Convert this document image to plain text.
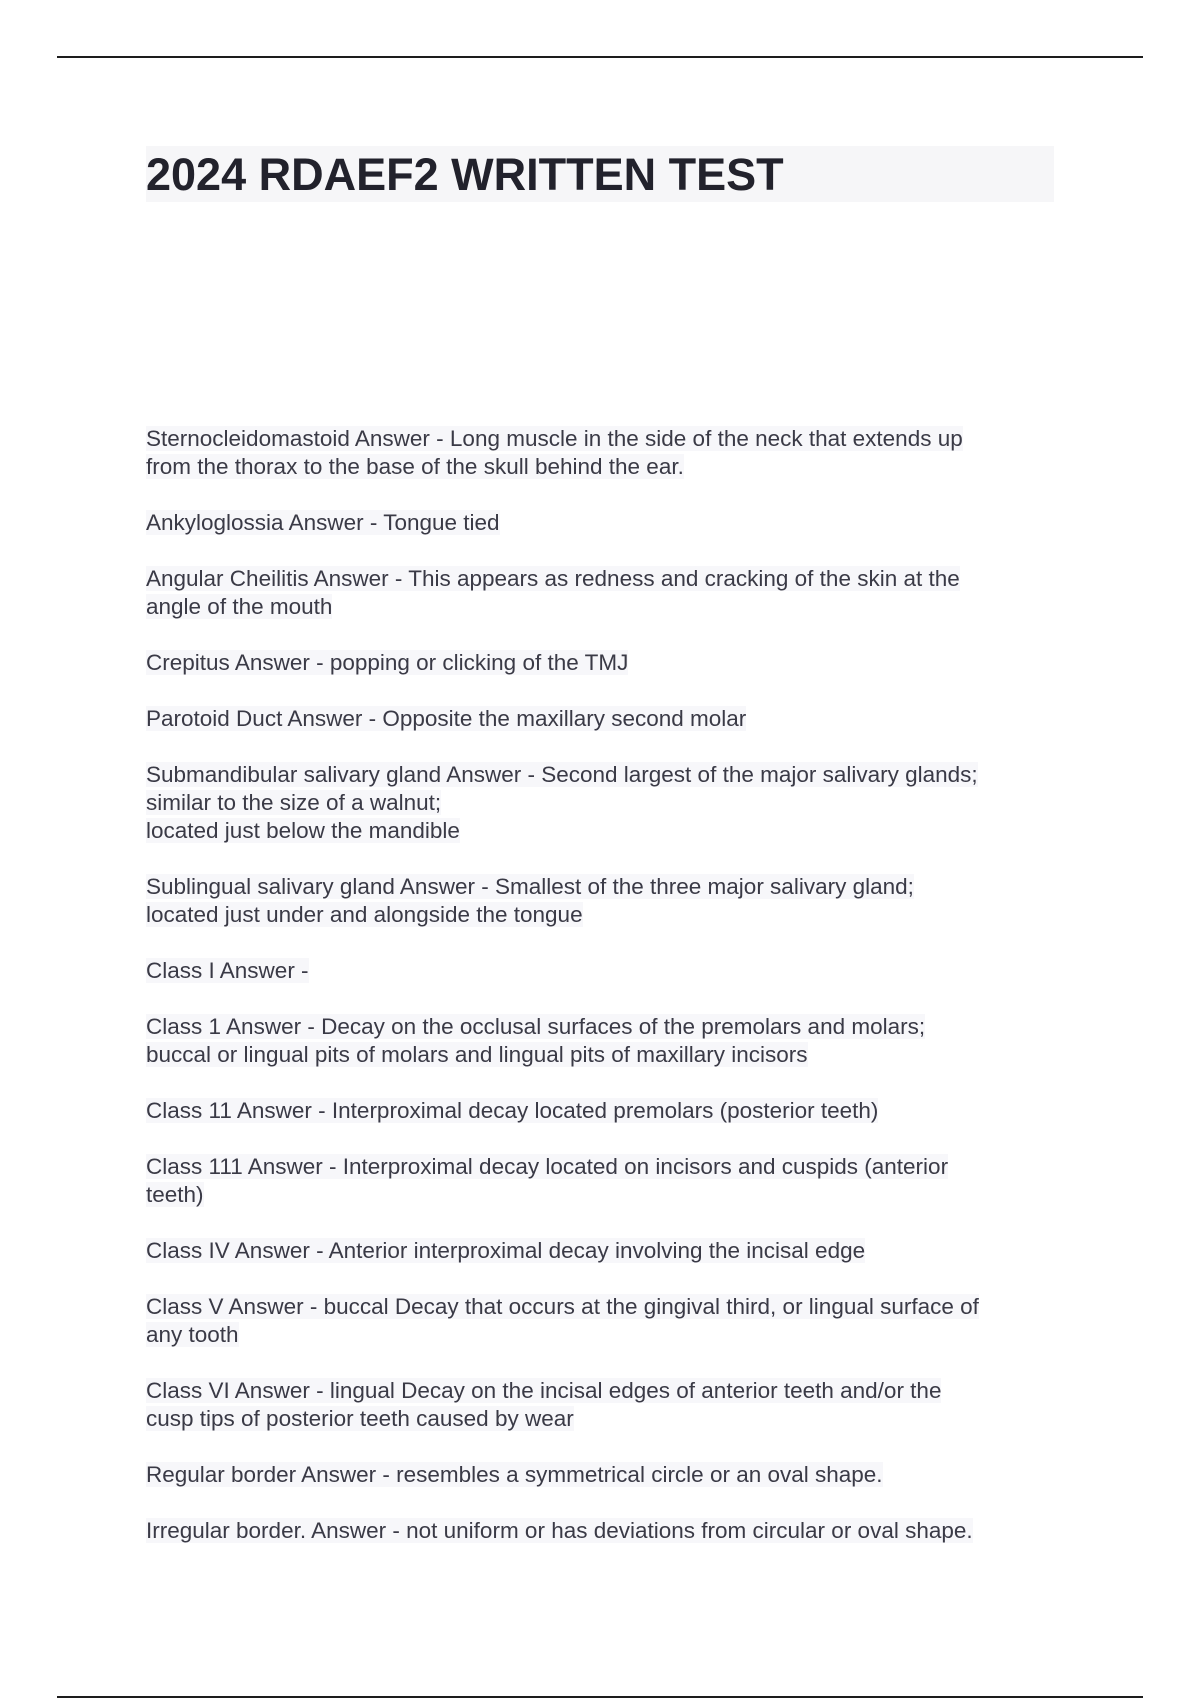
2024 RDAEF2 WRITTEN TEST

Sternocleidomastoid Answer - Long muscle in the side of the neck that extends up
from the thorax to the base of the skull behind the ear.

Ankyloglossia Answer - Tongue tied

Angular Cheilitis Answer - This appears as redness and cracking of the skin at the
angle of the mouth

Crepitus Answer - popping or clicking of the TMJ

Parotoid Duct Answer - Opposite the maxillary second molar

Submandibular salivary gland Answer - Second largest of the major salivary glands;
similar to the size of a walnut;
located just below the mandible

Sublingual salivary gland Answer - Smallest of the three major salivary gland;
located just under and alongside the tongue

Class I Answer -

Class 1 Answer - Decay on the occlusal surfaces of the premolars and molars;
buccal or lingual pits of molars and lingual pits of maxillary incisors

Class 11 Answer - Interproximal decay located premolars (posterior teeth)

Class 111 Answer - Interproximal decay located on incisors and cuspids (anterior
teeth)

Class IV Answer - Anterior interproximal decay involving the incisal edge

Class V Answer - buccal Decay that occurs at the gingival third, or lingual surface of
any tooth

Class VI Answer - lingual Decay on the incisal edges of anterior teeth and/or the
cusp tips of posterior teeth caused by wear

Regular border Answer - resembles a symmetrical circle or an oval shape.

Irregular border. Answer - not uniform or has deviations from circular or oval shape.
